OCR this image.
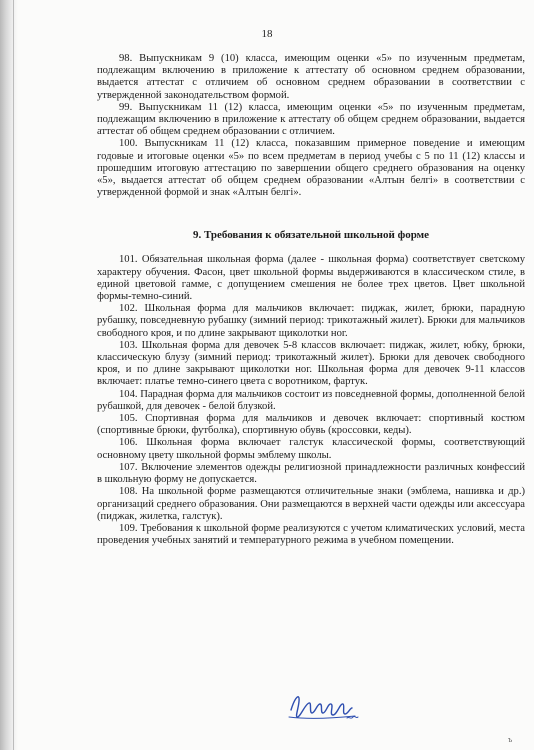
18

98. Выпускникам 9 (10) класса, имеющим оценки «5» по изученным предметам, подлежащим включению в приложение к аттестату об основном среднем образовании, выдается аттестат с отличием об основном среднем образовании в соответствии с утвержденной законодательством формой.

99. Выпускникам 11 (12) класса, имеющим оценки «5» по изученным предметам, подлежащим включению в приложение к аттестату об общем среднем образовании, выдается аттестат об общем среднем образовании с отличием.

100. Выпускникам 11 (12) класса, показавшим примерное поведение и имеющим годовые и итоговые оценки «5» по всем предметам в период учебы с 5 по 11 (12) классы и прошедшим итоговую аттестацию по завершении общего среднего образования на оценку «5», выдается аттестат об общем среднем образовании «Алтын белгі» в соответствии с утвержденной формой и знак «Алтын белгі».

9. Требования к обязательной школьной форме

101. Обязательная школьная форма (далее - школьная форма) соответствует светскому характеру обучения. Фасон, цвет школьной формы выдерживаются в классическом стиле, в единой цветовой гамме, с допущением смешения не более трех цветов. Цвет школьной формы-темно-синий.

102. Школьная форма для мальчиков включает: пиджак, жилет, брюки, парадную рубашку, повседневную рубашку (зимний период: трикотажный жилет). Брюки для мальчиков свободного кроя, и по длине закрывают щиколотки ног.

103. Школьная форма для девочек 5-8 классов включает: пиджак, жилет, юбку, брюки, классическую блузу (зимний период: трикотажный жилет). Брюки для девочек свободного кроя, и по длине закрывают щиколотки ног. Школьная форма для девочек 9-11 классов включает: платье темно-синего цвета с воротником, фартук.

104. Парадная форма для мальчиков состоит из повседневной формы, дополненной белой рубашкой, для девочек - белой блузкой.

105. Спортивная форма для мальчиков и девочек включает: спортивный костюм (спортивные брюки, футболка), спортивную обувь (кроссовки, кеды).

106. Школьная форма включает галстук классической формы, соответствующий основному цвету школьной формы эмблему школы.

107. Включение элементов одежды религиозной принадлежности различных конфессий в школьную форму не допускается.

108. На школьной форме размещаются отличительные знаки (эмблема, нашивка и др.) организаций среднего образования. Они размещаются в верхней части одежды или аксессуара (пиджак, жилетка, галстук).

109. Требования к школьной форме реализуются с учетом климатических условий, места проведения учебных занятий и температурного режима в учебном помещении.

ъ
